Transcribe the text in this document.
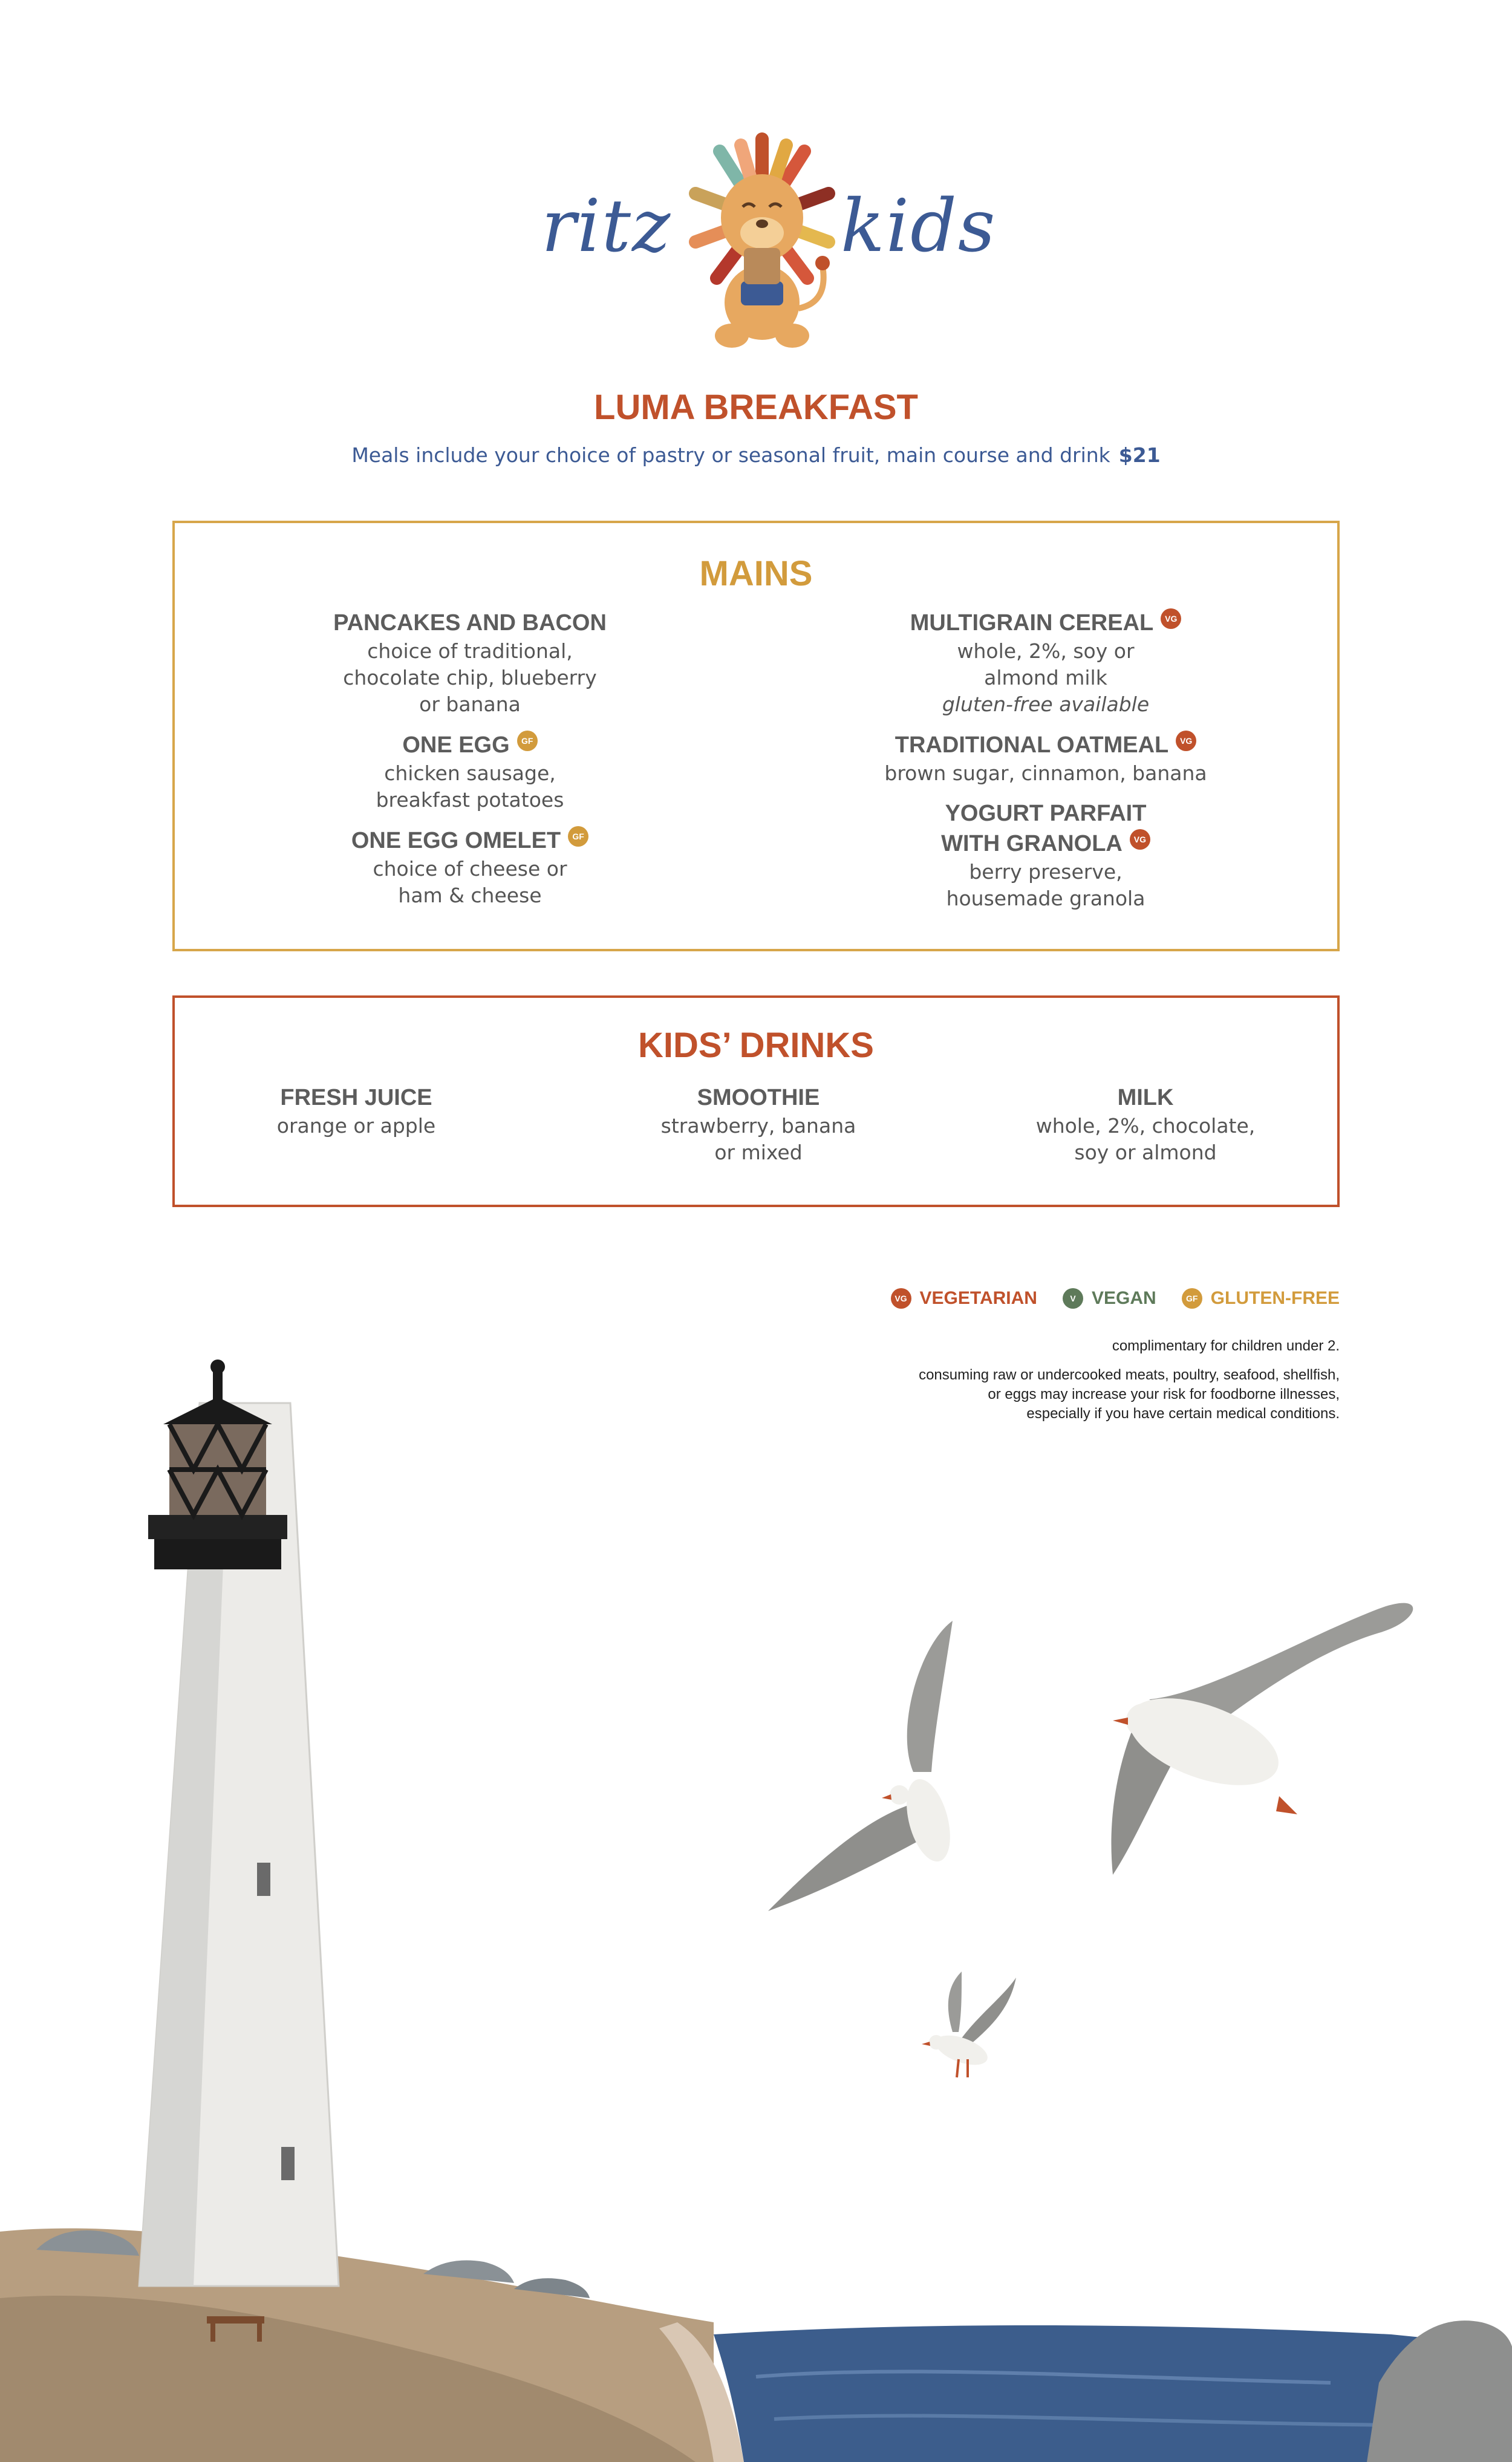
ritz kids
LUMA BREAKFAST
Meals include your choice of pastry or seasonal fruit, main course and drink $21
MAINS
PANCAKES AND BACON
choice of traditional,
chocolate chip, blueberry
or banana
ONE EGG GF
chicken sausage,
breakfast potatoes
ONE EGG OMELET GF
choice of cheese or
ham & cheese
MULTIGRAIN CEREAL VG
whole, 2%, soy or
almond milk
gluten-free available
TRADITIONAL OATMEAL VG
brown sugar, cinnamon, banana
YOGURT PARFAIT
WITH GRANOLA VG
berry preserve,
housemade granola
KIDS’ DRINKS
FRESH JUICE
orange or apple
SMOOTHIE
strawberry, banana
or mixed
MILK
whole, 2%, chocolate,
soy or almond
VG VEGETARIAN	V VEGAN	GF GLUTEN-FREE
complimentary for children under 2.
consuming raw or undercooked meats, poultry, seafood, shellfish,
or eggs may increase your risk for foodborne illnesses,
especially if you have certain medical conditions.
